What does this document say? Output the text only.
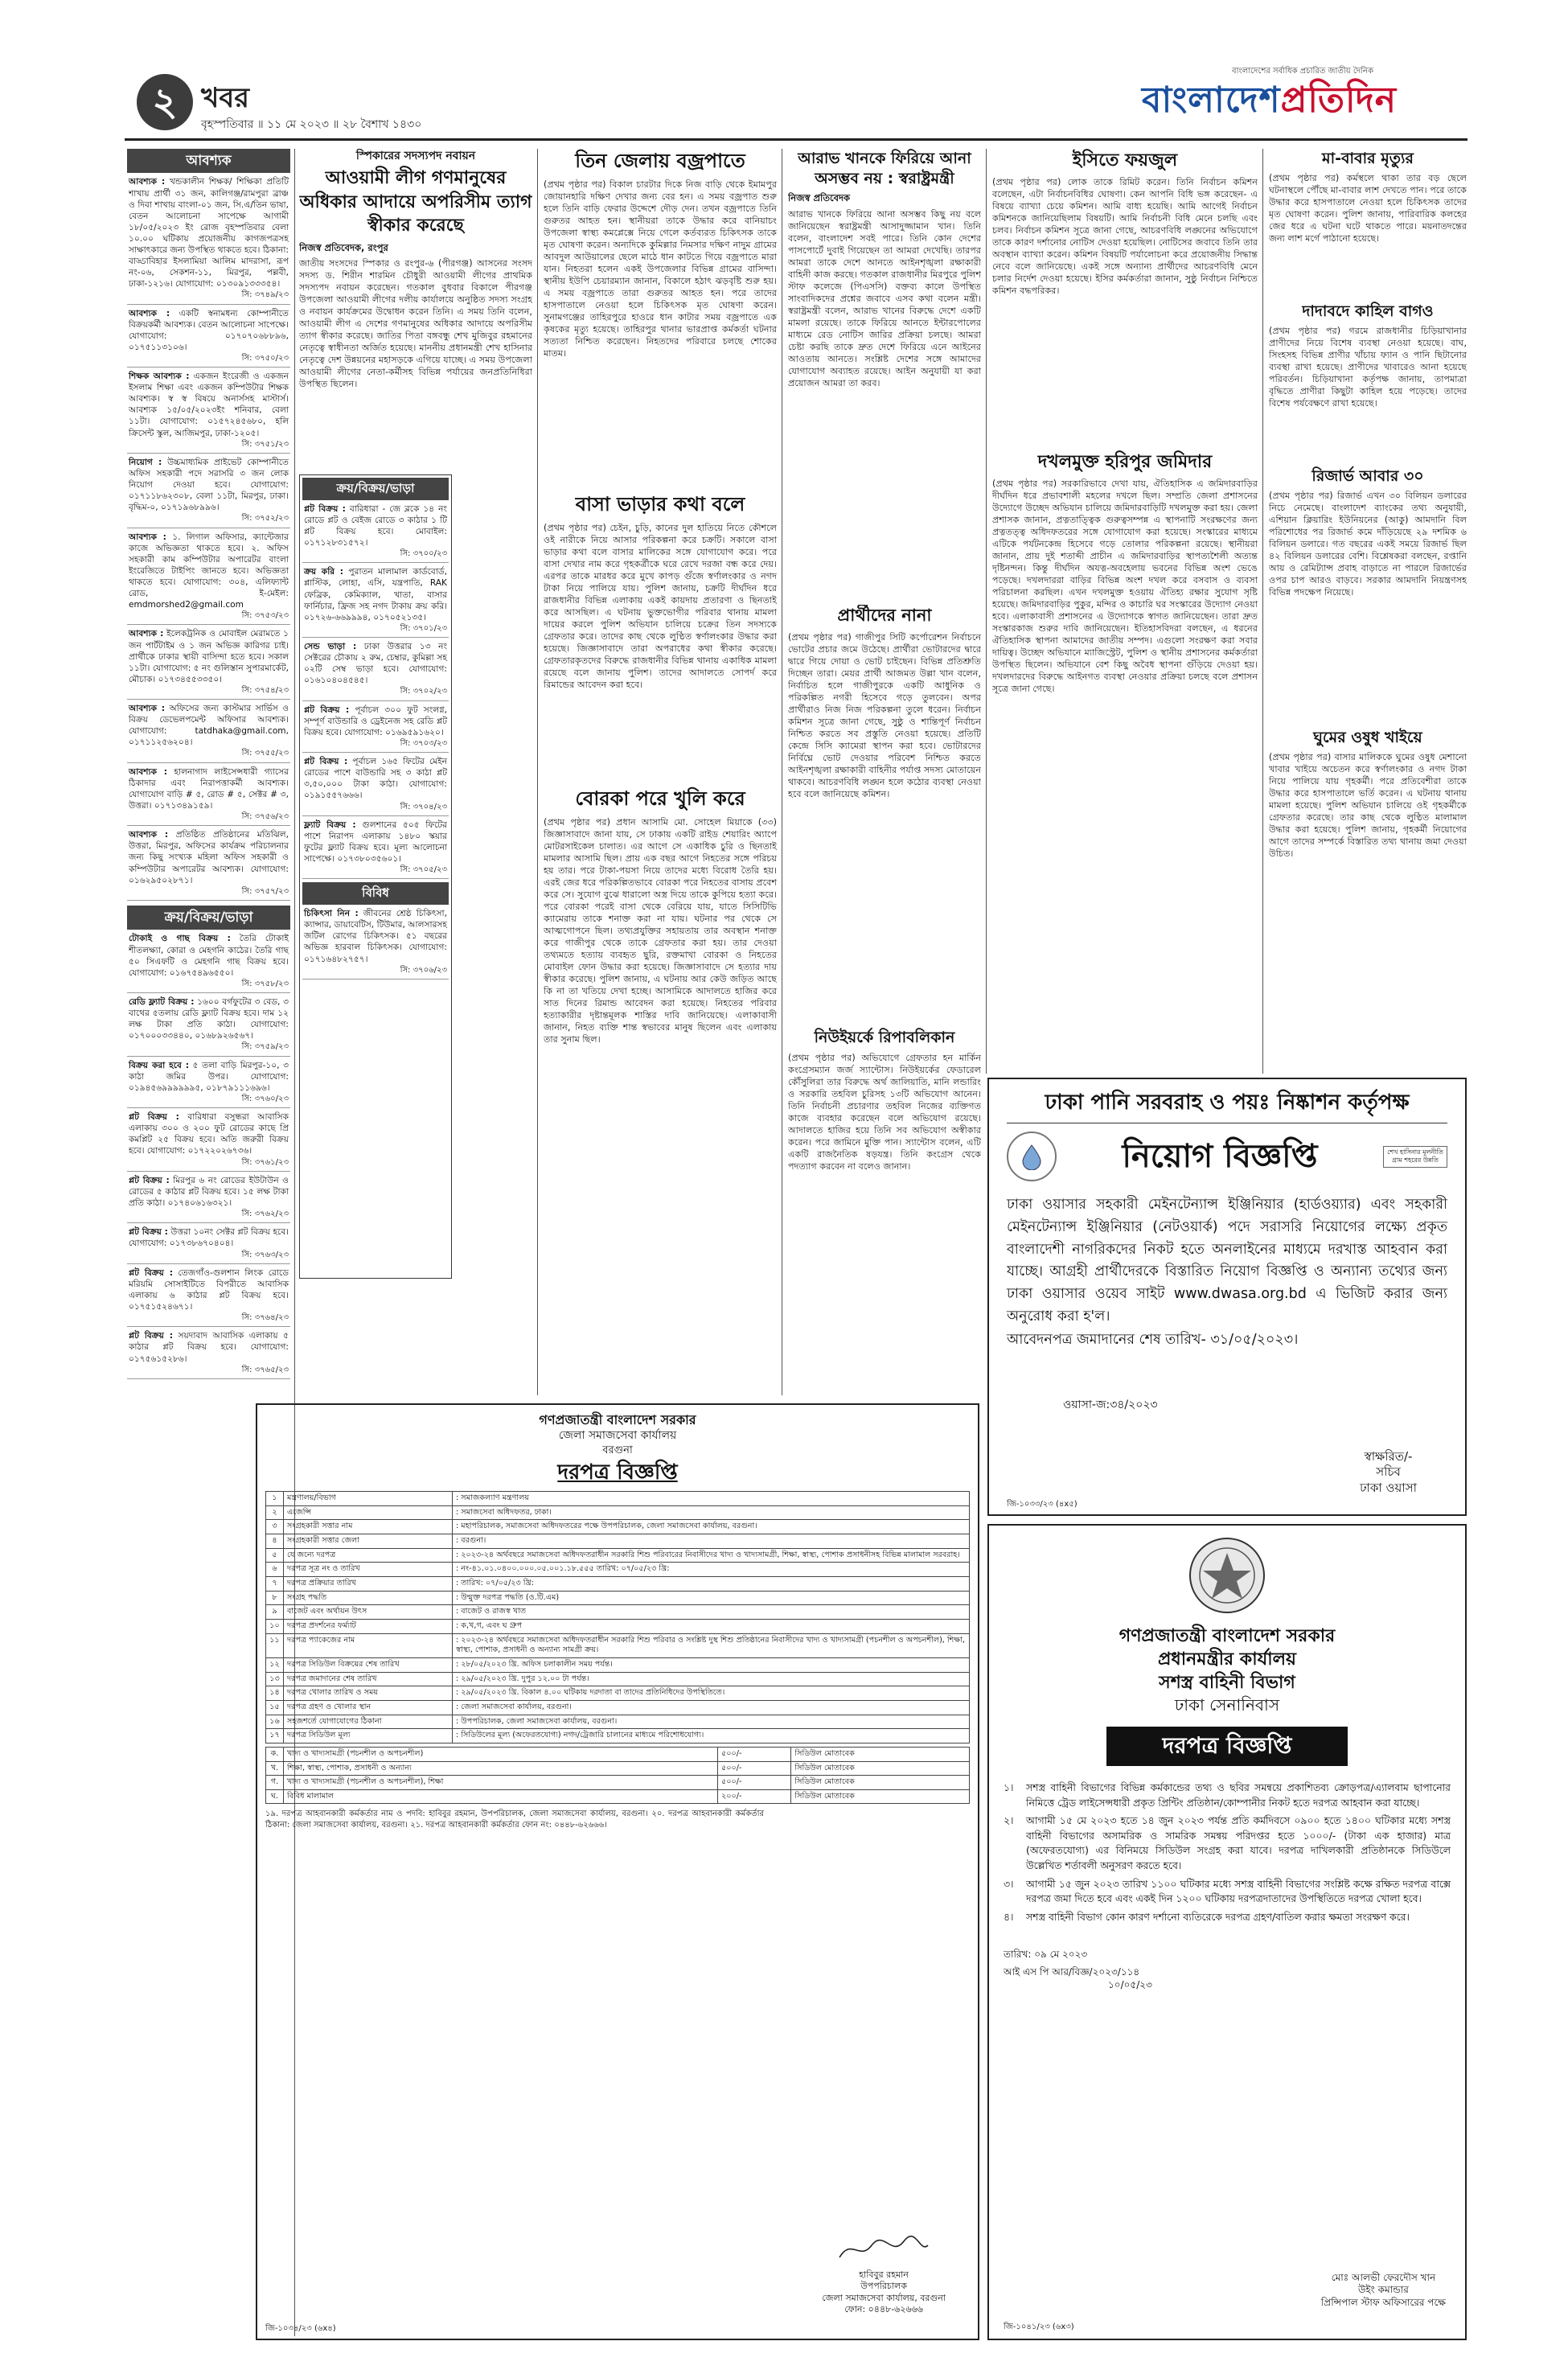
২ খবর
বৃহস্পতিবার ॥ ১১ মে ২০২৩ ॥ ২৮ বৈশাখ ১৪৩০
বাংলাদেশের সর্বাধিক প্রচারিত জাতীয় দৈনিক
বাংলাদেশপ্রতিদিন
আবশ্যক
আবশ্যক : খন্ডকালীন শিক্ষক/ শিক্ষিকা প্রতিটি শাখায় প্রার্থী ৩১ জন, কালিগঞ্জ/রামপুরা ব্রাঞ্চ ও দিবা শাখায় বাংলা-০১ জন, সি.এ/তিন ভাষা, বেতন আলোচনা সাপেক্ষে আগামী ১৮/০৫/২০২৩ ইং রোজ বৃহস্পতিবার বেলা ১০.০০ ঘটিকায় প্রয়োজনীয় কাগজপত্রসহ সাক্ষাৎকারে জন্য উপস্থিত থাকতে হবে। ঠিকানা: বাড্ডাবিহার ইসলামিয়া আলিম মাদরাসা, রূপ নং-০৬, সেকশন-১১, মিরপুর, পল্লবী, ঢাকা-১২১৬। যোগাযোগ: ০১৩০৯১৩৩৩৫৪।
সি: ৩৭৪৯/২৩
আবশ্যক : একটি স্বনামধন্য কোম্পানীতে বিক্রয়কর্মী আবশ্যক। বেতন আলোচনা সাপেক্ষে। যোগাযোগ: ০১৭০৭০৬৮৮৯৬, ০১৭৫১১৩১০৬।
সি: ৩৭৫০/২৩
শিক্ষক আবশ্যক : একজন ইংরেজী ও একজন ইসলাম শিক্ষা এবং একজন কম্পিউটার শিক্ষক আবশ্যক। স্ব স্ব বিষয়ে অনার্সসহ মাস্টার্স। আবশ্যক ১৫/০৫/২০২৩ইং শনিবার, বেলা ১১টা। যোগাযোগ: ০১৫৭২৪৫৬৮০, হলি ক্রিসেন্ট স্কুল, আজিমপুর, ঢাকা-১২০৫।
সি: ৩৭৫১/২৩
নিয়োগ : উচ্চমাধ্যমিক প্রাইভেট কোম্পানীতে অফিস সহকারী পদে সরাসরি ৩ জন লোক নিয়োগ দেওয়া হবে। যোগাযোগ: ০১৭১১৮৬২৩০৮, বেলা ১১টা, মিরপুর, ঢাকা। বৃদ্ধিম-০, ০১৭১৯৬৮৯৯৬।
সি: ৩৭৫২/২৩
আবশ্যক : ১. লিগাল অফিসার, ক্যান্টেজার কাজে অভিজ্ঞতা থাকতে হবে। ২. অফিস সহকারী কাম কম্পিউটার অপারেটর বাংলা ইংরেজিতে টাইপিং জানতে হবে। অভিজ্ঞতা থাকতে হবে। যোগাযোগ: ৩০৪, এলিফ্যান্ট রোড, ই-মেইল: emdmorshed2@gmail.com
সি: ৩৭৫৩/২৩
আবশ্যক : ইলেকট্রনিক ও মোবাইল মেরামতে ১ জন পার্টটাইম ও ১ জন অভিজ্ঞ কারিগর চাই। প্রার্থীকে ঢাকার স্থায়ী বাসিন্দা হতে হবে। সকাল ১১টা। যোগাযোগ: ৫ নং গুলিস্তান সুপারমার্কেট, মৌচাক। ০১৭৩৪৫৫৩৩৫০।
সি: ৩৭৫৪/২৩
আবশ্যক : অফিসের জন্য কাস্টমার সার্ভিস ও বিক্রয় ডেভেলপমেন্ট অফিসার আবশ্যক। যোগাযোগ: tatdhaka@gmail.com, ০১৭১১২৫৬২০৪।
সি: ৩৭৫৫/২৩
আবশ্যক : হালনাগাদ লাইসেন্সধারী গ্যাসের ঠিকাদার এবং নিরাপত্তাকর্মী আবশ্যক। যোগাযোগ বাড়ি # ৫, রোড # ৫, সেক্টর # ৩, উত্তরা। ০১৭১৩৪৯১৫৯।
সি: ৩৭৫৬/২৩
আবশ্যক : প্রতিষ্ঠিত প্রতিষ্ঠানের মতিঝিল, উত্তরা, মিরপুর, অফিসের কার্যক্রম পরিচালনার জন্য কিছু সংখ্যক মহিলা অফিস সহকারী ও কম্পিউটার অপারেটর আবশ্যক। যোগাযোগ: ০১৬২৯৫০২৮৭১।
সি: ৩৭৫৭/২৩
ক্রয়/বিক্রয়/ভাড়া
টোকাই ও গাছ বিক্রয় : তৈরি টোকাই শীতলক্ষ্যা, কোরা ও মেহগনি কাঠের। তৈরি গাছ ৫০ সিএফটি ও মেহগনি গাছ বিক্রয় হবে। যোগাযোগ: ০১৬৭৫৪৯৬৫৫০।
সি: ৩৭৫৮/২৩
রেডি ফ্ল্যাট বিক্রয় : ১৬০০ বর্গফুটের ৩ বেড, ৩ বাথের ৫তলায় রেডি ফ্ল্যাট বিক্রয় হবে। দাম ১২ লক্ষ টাকা প্রতি কাঠা। যোগাযোগ: ০১৭০০০৩৩৪৪০, ০১৬৮৯২৬৫৬৭।
সি: ৩৭৫৯/২৩
বিক্রয় করা হবে : ৫ তলা বাড়ি মিরপুর-১০, ৩ কাঠা জমির উপর। যোগাযোগ: ০১৯৪৫৬৯৯৯৯৯৯৫, ০১৮৭৯১১১৬৯৬।
সি: ৩৭৬০/২৩
প্লট বিক্রয় : বারিধারা বসুন্ধরা আবাসিক এলাকায় ৩০০ ও ২০০ ফুট রোডের কাছে প্রি কমপ্লিট ২৫ বিক্রয় হবে। অতি জরুরী বিক্রয় হবে। যোগাযোগ: ০১৭২২০২৬৭৩৬।
সি: ৩৭৬১/২৩
প্লট বিক্রয় : মিরপুর ৬ নং রোডের ইউটাউন ও রোডের ৫ কাঠার প্লট বিক্রয় হবে। ১৫ লক্ষ টাকা প্রতি কাঠা। ০১৭৪০৬১৬৩২১।
সি: ৩৭৬২/২৩
প্লট বিক্রয় : উত্তরা ১০নং সেক্টর প্লট বিক্রয় হবে। যোগাযোগ: ০১৭৩৮৬৭০৪০৪।
সি: ৩৭৬৩/২৩
প্লট বিক্রয় : তেজগাঁও-গুলশান লিংক রোডে মরিয়মি সোসাইটিতে বিপরীতে আবাসিক এলাকায় ৬ কাঠার প্লট বিক্রয় হবে। ০১৭৫১৫২৪৬৭১।
সি: ৩৭৬৪/২৩
প্লট বিক্রয় : সয়দাবাদ আবাসিক এলাকায় ৫ কাঠার প্লট বিক্রয় হবে। যোগাযোগ: ০১৭৫৬১৫২৮৬।
সি: ৩৭৬৫/২৩
স্পিকারের সদস্যপদ নবায়ন
আওয়ামী লীগ গণমানুষের অধিকার আদায়ে অপরিসীম ত্যাগ স্বীকার করেছে
নিজস্ব প্রতিবেদক, রংপুর
জাতীয় সংসদের স্পিকার ও রংপুর-৬ (পীরগঞ্জ) আসনের সংসদ সদস্য ড. শিরীন শারমিন চৌধুরী আওয়ামী লীগের প্রাথমিক সদস্যপদ নবায়ন করেছেন। গতকাল বুধবার বিকালে পীরগঞ্জ উপজেলা আওয়ামী লীগের দলীয় কার্যালয়ে অনুষ্ঠিত সদস্য সংগ্রহ ও নবায়ন কার্যক্রমের উদ্বোধন করেন তিনি। এ সময় তিনি বলেন, আওয়ামী লীগ এ দেশের গণমানুষের অধিকার আদায়ে অপরিসীম ত্যাগ স্বীকার করেছে। জাতির পিতা বঙ্গবন্ধু শেখ মুজিবুর রহমানের নেতৃত্বে স্বাধীনতা অর্জিত হয়েছে। মাননীয় প্রধানমন্ত্রী শেখ হাসিনার নেতৃত্বে দেশ উন্নয়নের মহাসড়কে এগিয়ে যাচ্ছে। এ সময় উপজেলা আওয়ামী লীগের নেতা-কর্মীসহ বিভিন্ন পর্যায়ের জনপ্রতিনিধিরা উপস্থিত ছিলেন।
ক্রয়/বিক্রয়/ভাড়া
প্লট বিক্রয় : বারিধারা - জে ব্লকে ১৪ নং রোডে প্লট ও বেইজ রোডে ৩ কাঠার ১ টি প্লট বিক্রয় হবে। মোবাইল: ০১৭১২৮৩১৫৭২।
সি: ৩৭০০/২৩
ক্রয় করি : পুরাতন মালামাল কার্ডবোর্ড, প্লাস্টিক, লোহা, এসি, যন্ত্রপাতি, RAK ফেব্রিক, কেমিক্যাল, খাতা, বাসার ফার্নিচার, ফ্রিজ সহ নগদ টাকায় ক্রয় করি। ০১৭২৬-৬৬৯৯৯৪, ০১৭০৫২১৩৫।
সি: ৩৭০১/২৩
সেন্ড ভাড়া : ঢাকা উত্তরার ১৩ নং সেক্টরের চৌকায় ২ রুম, চেম্বার, কুমিল্লা সহ ০২টি সেম্ব ভাড়া হবে। যোগাযোগ: ০১৬১০৪০৪৫৪৫।
সি: ৩৭০২/২৩
প্লট বিক্রয় : পূর্বাচল ৩০০ ফুট সংলগ্ন, সম্পূর্ণ বাউন্ডারি ও ড্রেইনেজ সহ রেডি প্লট বিক্রয় হবে। যোগাযোগ: ০১৬৯৫৯১৬২০।
সি: ৩৭০৩/২৩
প্লট বিক্রয় : পূর্বাচল ১৬৫ ফিটের মেইন রোডের পাশে বাউন্ডারি সহ ৩ কাঠা প্লট ৩,৫০,০০০ টাকা কাঠা। যোগাযোগ: ০১৯১৫৫৭৬৬৬।
সি: ৩৭০৪/২৩
ফ্ল্যাট বিক্রয় : গুলশানের ৫০৫ ফিটের পাশে নিরাপদ এলাকায় ১৪৮০ স্কয়ার ফুটের ফ্ল্যাট বিক্রয় হবে। মূল্য আলোচনা সাপেক্ষে। ০১৭৩৮০৩৫৬০১।
সি: ৩৭০৫/২৩
বিবিধ
চিকিৎসা নিন : জীবনের শ্রেষ্ঠ চিকিৎসা, ক্যান্সার, ডায়াবেটিস, টিউমার, আলসারসহ জটিল রোগের চিকিৎসক। ৫১ বছরের অভিজ্ঞ হারবাল চিকিৎসক। যোগাযোগ: ০১৭১৬৪৮২৭৫৭।
সি: ৩৭০৬/২৩
তিন জেলায় বজ্রপাতে
(প্রথম পৃষ্ঠার পর) বিকাল চারটার দিকে নিজ বাড়ি থেকে ইমামপুর জোয়ানহারি দক্ষিণ দেখার জন্য বের হন। এ সময় বজ্রপাত শুরু হলে তিনি বাড়ি ফেরার উদ্দেশে দৌড় দেন। তখন বজ্রপাতে তিনি গুরুতর আহত হন। স্থানীয়রা তাকে উদ্ধার করে বানিয়াচং উপজেলা স্বাস্থ্য কমপ্লেক্সে নিয়ে গেলে কর্তব্যরত চিকিৎসক তাকে মৃত ঘোষণা করেন। অন্যদিকে কুমিল্লার নিমসার দক্ষিণ নাদুম গ্রামের আবদুল আউয়ালের ছেলে মাঠে ধান কাটতে গিয়ে বজ্রপাতে মারা যান। নিহতরা হলেন একই উপজেলার বিভিন্ন গ্রামের বাসিন্দা। স্থানীয় ইউপি চেয়ারম্যান জানান, বিকালে হঠাৎ ঝড়বৃষ্টি শুরু হয়। এ সময় বজ্রপাতে তারা গুরুতর আহত হন। পরে তাদের হাসপাতালে নেওয়া হলে চিকিৎসক মৃত ঘোষণা করেন। সুনামগঞ্জের তাহিরপুরে হাওরে ধান কাটার সময় বজ্রপাতে এক কৃষকের মৃত্যু হয়েছে। তাহিরপুর থানার ভারপ্রাপ্ত কর্মকর্তা ঘটনার সত্যতা নিশ্চিত করেছেন। নিহতদের পরিবারে চলছে শোকের মাতম।
বাসা ভাড়ার কথা বলে
(প্রথম পৃষ্ঠার পর) চেইন, চুড়ি, কানের দুল হাতিয়ে নিতে কৌশলে ওই নারীকে নিয়ে আসার পরিকল্পনা করে চক্রটি। সকালে বাসা ভাড়ার কথা বলে বাসার মালিকের সঙ্গে যোগাযোগ করে। পরে বাসা দেখার নাম করে গৃহকর্ত্রীকে ঘরে রেখে দরজা বন্ধ করে দেয়। এরপর তাকে মারধর করে মুখে কাপড় গুঁজে স্বর্ণালংকার ও নগদ টাকা নিয়ে পালিয়ে যায়। পুলিশ জানায়, চক্রটি দীর্ঘদিন ধরে রাজধানীর বিভিন্ন এলাকায় একই কায়দায় প্রতারণা ও ছিনতাই করে আসছিল। এ ঘটনায় ভুক্তভোগীর পরিবার থানায় মামলা দায়ের করলে পুলিশ অভিযান চালিয়ে চক্রের তিন সদস্যকে গ্রেফতার করে। তাদের কাছ থেকে লুণ্ঠিত স্বর্ণালংকার উদ্ধার করা হয়েছে। জিজ্ঞাসাবাদে তারা অপরাধের কথা স্বীকার করেছে। গ্রেফতারকৃতদের বিরুদ্ধে রাজধানীর বিভিন্ন থানায় একাধিক মামলা রয়েছে বলে জানায় পুলিশ। তাদের আদালতে সোপর্দ করে রিমান্ডের আবেদন করা হবে।
বোরকা পরে খুলি করে
(প্রথম পৃষ্ঠার পর) প্রধান আসামি মো. সোহেল মিয়াকে (৩৩) জিজ্ঞাসাবাদে জানা যায়, সে ঢাকায় একটি রাইড শেয়ারিং অ্যাপে মোটরসাইকেল চালাত। এর আগে সে একাধিক চুরি ও ছিনতাই মামলার আসামি ছিল। প্রায় এক বছর আগে নিহতের সঙ্গে পরিচয় হয় তার। পরে টাকা-পয়সা নিয়ে তাদের মধ্যে বিরোধ তৈরি হয়। এরই জের ধরে পরিকল্পিতভাবে বোরকা পরে নিহতের বাসায় প্রবেশ করে সে। সুযোগ বুঝে ধারালো অস্ত্র দিয়ে তাকে কুপিয়ে হত্যা করে। পরে বোরকা পরেই বাসা থেকে বেরিয়ে যায়, যাতে সিসিটিভি ক্যামেরায় তাকে শনাক্ত করা না যায়। ঘটনার পর থেকে সে আত্মগোপনে ছিল। তথ্যপ্রযুক্তির সহায়তায় তার অবস্থান শনাক্ত করে গাজীপুর থেকে তাকে গ্রেফতার করা হয়। তার দেওয়া তথ্যমতে হত্যায় ব্যবহৃত ছুরি, রক্তমাখা বোরকা ও নিহতের মোবাইল ফোন উদ্ধার করা হয়েছে। জিজ্ঞাসাবাদে সে হত্যার দায় স্বীকার করেছে। পুলিশ জানায়, এ ঘটনায় আর কেউ জড়িত আছে কি না তা খতিয়ে দেখা হচ্ছে। আসামিকে আদালতে হাজির করে সাত দিনের রিমান্ড আবেদন করা হয়েছে। নিহতের পরিবার হত্যাকারীর দৃষ্টান্তমূলক শাস্তির দাবি জানিয়েছে। এলাকাবাসী জানান, নিহত ব্যক্তি শান্ত স্বভাবের মানুষ ছিলেন এবং এলাকায় তার সুনাম ছিল।
আরাভ খানকে ফিরিয়ে আনা অসম্ভব নয় : স্বরাষ্ট্রমন্ত্রী
নিজস্ব প্রতিবেদক
আরাভ খানকে ফিরিয়ে আনা অসম্ভব কিছু নয় বলে জানিয়েছেন স্বরাষ্ট্রমন্ত্রী আসাদুজ্জামান খান। তিনি বলেন, বাংলাদেশ সবই পারে। তিনি কোন দেশের পাসপোর্টে দুবাই গিয়েছেন তা আমরা দেখেছি। তারপর আমরা তাকে দেশে আনতে আইনশৃঙ্খলা রক্ষাকারী বাহিনী কাজ করছে। গতকাল রাজধানীর মিরপুরে পুলিশ স্টাফ কলেজে (পিএসসি) বক্তব্য কালে উপস্থিত সাংবাদিকদের প্রশ্নের জবাবে এসব কথা বলেন মন্ত্রী। স্বরাষ্ট্রমন্ত্রী বলেন, আরাভ খানের বিরুদ্ধে দেশে একটি মামলা রয়েছে। তাকে ফিরিয়ে আনতে ইন্টারপোলের মাধ্যমে রেড নোটিস জারির প্রক্রিয়া চলছে। আমরা চেষ্টা করছি তাকে দ্রুত দেশে ফিরিয়ে এনে আইনের আওতায় আনতে। সংশ্লিষ্ট দেশের সঙ্গে আমাদের যোগাযোগ অব্যাহত রয়েছে। আইন অনুযায়ী যা করা প্রয়োজন আমরা তা করব।
প্রার্থীদের নানা
(প্রথম পৃষ্ঠার পর) গাজীপুর সিটি কর্পোরেশন নির্বাচনে ভোটের প্রচার জমে উঠেছে। প্রার্থীরা ভোটারদের দ্বারে দ্বারে গিয়ে দোয়া ও ভোট চাইছেন। বিভিন্ন প্রতিশ্রুতি দিচ্ছেন তারা। মেয়র প্রার্থী আজমত উল্লা খান বলেন, নির্বাচিত হলে গাজীপুরকে একটি আধুনিক ও পরিকল্পিত নগরী হিসেবে গড়ে তুলবেন। অপর প্রার্থীরাও নিজ নিজ পরিকল্পনা তুলে ধরেন। নির্বাচন কমিশন সূত্রে জানা গেছে, সুষ্ঠু ও শান্তিপূর্ণ নির্বাচন নিশ্চিত করতে সব প্রস্তুতি নেওয়া হয়েছে। প্রতিটি কেন্দ্রে সিসি ক্যামেরা স্থাপন করা হবে। ভোটারদের নির্বিঘ্নে ভোট দেওয়ার পরিবেশ নিশ্চিত করতে আইনশৃঙ্খলা রক্ষাকারী বাহিনীর পর্যাপ্ত সদস্য মোতায়েন থাকবে। আচরণবিধি লঙ্ঘন হলে কঠোর ব্যবস্থা নেওয়া হবে বলে জানিয়েছে কমিশন।
নিউইয়র্কে রিপাবলিকান
(প্রথম পৃষ্ঠার পর) অভিযোগে গ্রেফতার হন মার্কিন কংগ্রেসম্যান জর্জ স্যান্টোস। নিউইয়র্কের ফেডারেল কৌঁসুলিরা তার বিরুদ্ধে অর্থ জালিয়াতি, মানি লন্ডারিং ও সরকারি তহবিল চুরিসহ ১৩টি অভিযোগ আনেন। তিনি নির্বাচনী প্রচারণার তহবিল নিজের ব্যক্তিগত কাজে ব্যবহার করেছেন বলে অভিযোগ রয়েছে। আদালতে হাজির হয়ে তিনি সব অভিযোগ অস্বীকার করেন। পরে জামিনে মুক্তি পান। স্যান্টোস বলেন, এটি একটি রাজনৈতিক ষড়যন্ত্র। তিনি কংগ্রেস থেকে পদত্যাগ করবেন না বলেও জানান।
ইসিতে ফয়জুল
(প্রথম পৃষ্ঠার পর) লোক তাকে রিমিট করেন। তিনি নির্বাচন কমিশন বলেছেন, এটা নির্বাচনবিধির ঘোষণা। কেন আপনি বিধি ভঙ্গ করেছেন- এ বিষয়ে ব্যাখ্যা চেয়ে কমিশন। আমি বাধ্য হয়েছি। আমি আগেই নির্বাচন কমিশনকে জানিয়েছিলাম বিষয়টি। আমি নির্বাচনী বিধি মেনে চলছি এবং চলব। নির্বাচন কমিশন সূত্রে জানা গেছে, আচরণবিধি লঙ্ঘনের অভিযোগে তাকে কারণ দর্শানোর নোটিস দেওয়া হয়েছিল। নোটিসের জবাবে তিনি তার অবস্থান ব্যাখ্যা করেন। কমিশন বিষয়টি পর্যালোচনা করে প্রয়োজনীয় সিদ্ধান্ত নেবে বলে জানিয়েছে। একই সঙ্গে অন্যান্য প্রার্থীদের আচরণবিধি মেনে চলার নির্দেশ দেওয়া হয়েছে। ইসির কর্মকর্তারা জানান, সুষ্ঠু নির্বাচন নিশ্চিতে কমিশন বদ্ধপরিকর।
দখলমুক্ত হরিপুর জমিদার
(প্রথম পৃষ্ঠার পর) সরকারিভাবে দেখা যায়, ঐতিহাসিক এ জমিদারবাড়ির দীর্ঘদিন ধরে প্রভাবশালী মহলের দখলে ছিল। সম্প্রতি জেলা প্রশাসনের উদ্যোগে উচ্ছেদ অভিযান চালিয়ে জমিদারবাড়িটি দখলমুক্ত করা হয়। জেলা প্রশাসক জানান, প্রত্নতাত্ত্বিক গুরুত্বসম্পন্ন এ স্থাপনাটি সংরক্ষণের জন্য প্রত্নতত্ত্ব অধিদফতরের সঙ্গে যোগাযোগ করা হয়েছে। সংস্কারের মাধ্যমে এটিকে পর্যটনকেন্দ্র হিসেবে গড়ে তোলার পরিকল্পনা রয়েছে। স্থানীয়রা জানান, প্রায় দুই শতাব্দী প্রাচীন এ জমিদারবাড়ির স্থাপত্যশৈলী অত্যন্ত দৃষ্টিনন্দন। কিন্তু দীর্ঘদিন অযত্ন-অবহেলায় ভবনের বিভিন্ন অংশ ভেঙে পড়েছে। দখলদাররা বাড়ির বিভিন্ন অংশ দখল করে বসবাস ও ব্যবসা পরিচালনা করছিল। এখন দখলমুক্ত হওয়ায় ঐতিহ্য রক্ষার সুযোগ সৃষ্টি হয়েছে। জমিদারবাড়ির পুকুর, মন্দির ও কাচারি ঘর সংস্কারের উদ্যোগ নেওয়া হবে। এলাকাবাসী প্রশাসনের এ উদ্যোগকে স্বাগত জানিয়েছেন। তারা দ্রুত সংস্কারকাজ শুরুর দাবি জানিয়েছেন। ইতিহাসবিদরা বলছেন, এ ধরনের ঐতিহাসিক স্থাপনা আমাদের জাতীয় সম্পদ। এগুলো সংরক্ষণ করা সবার দায়িত্ব। উচ্ছেদ অভিযানে ম্যাজিস্ট্রেট, পুলিশ ও স্থানীয় প্রশাসনের কর্মকর্তারা উপস্থিত ছিলেন। অভিযানে বেশ কিছু অবৈধ স্থাপনা গুঁড়িয়ে দেওয়া হয়। দখলদারদের বিরুদ্ধে আইনগত ব্যবস্থা নেওয়ার প্রক্রিয়া চলছে বলে প্রশাসন সূত্রে জানা গেছে।
মা-বাবার মৃত্যুর
(প্রথম পৃষ্ঠার পর) কর্মস্থলে থাকা তার বড় ছেলে ঘটনাস্থলে পৌঁছে মা-বাবার লাশ দেখতে পান। পরে তাকে উদ্ধার করে হাসপাতালে নেওয়া হলে চিকিৎসক তাদের মৃত ঘোষণা করেন। পুলিশ জানায়, পারিবারিক কলহের জের ধরে এ ঘটনা ঘটে থাকতে পারে। ময়নাতদন্তের জন্য লাশ মর্গে পাঠানো হয়েছে।
দাদাবদে কাহিল বাগও
(প্রথম পৃষ্ঠার পর) গরমে রাজধানীর চিড়িয়াখানার প্রাণীদের নিয়ে বিশেষ ব্যবস্থা নেওয়া হয়েছে। বাঘ, সিংহসহ বিভিন্ন প্রাণীর খাঁচায় ফ্যান ও পানি ছিটানোর ব্যবস্থা রাখা হয়েছে। প্রাণীদের খাবারেও আনা হয়েছে পরিবর্তন। চিড়িয়াখানা কর্তৃপক্ষ জানায়, তাপমাত্রা বৃদ্ধিতে প্রাণীরা কিছুটা কাহিল হয়ে পড়েছে। তাদের বিশেষ পর্যবেক্ষণে রাখা হয়েছে।
রিজার্ভ আবার ৩০
(প্রথম পৃষ্ঠার পর) রিজার্ভ এখন ৩০ বিলিয়ন ডলারের নিচে নেমেছে। বাংলাদেশ ব্যাংকের তথ্য অনুযায়ী, এশিয়ান ক্লিয়ারিং ইউনিয়নের (আকু) আমদানি বিল পরিশোধের পর রিজার্ভ কমে দাঁড়িয়েছে ২৯ দশমিক ৬ বিলিয়ন ডলারে। গত বছরের একই সময়ে রিজার্ভ ছিল ৪২ বিলিয়ন ডলারের বেশি। বিশ্লেষকরা বলছেন, রপ্তানি আয় ও রেমিট্যান্স প্রবাহ বাড়াতে না পারলে রিজার্ভের ওপর চাপ আরও বাড়বে। সরকার আমদানি নিয়ন্ত্রণসহ বিভিন্ন পদক্ষেপ নিয়েছে।
ঘুমের ওষুধ খাইয়ে
(প্রথম পৃষ্ঠার পর) বাসার মালিককে ঘুমের ওষুধ মেশানো খাবার খাইয়ে অচেতন করে স্বর্ণালংকার ও নগদ টাকা নিয়ে পালিয়ে যায় গৃহকর্মী। পরে প্রতিবেশীরা তাকে উদ্ধার করে হাসপাতালে ভর্তি করেন। এ ঘটনায় থানায় মামলা হয়েছে। পুলিশ অভিযান চালিয়ে ওই গৃহকর্মীকে গ্রেফতার করেছে। তার কাছ থেকে লুণ্ঠিত মালামাল উদ্ধার করা হয়েছে। পুলিশ জানায়, গৃহকর্মী নিয়োগের আগে তাদের সম্পর্কে বিস্তারিত তথ্য থানায় জমা দেওয়া উচিত।
ঢাকা পানি সরবরাহ ও পয়ঃ নিষ্কাশন কর্তৃপক্ষ
নিয়োগ বিজ্ঞপ্তি	শেখ হাসিনার মূলনীতি গ্রাম শহরের উন্নতি
ঢাকা ওয়াসার সহকারী মেইনটেন্যান্স ইঞ্জিনিয়ার (হার্ডওয়্যার) এবং সহকারী মেইনটেন্যান্স ইঞ্জিনিয়ার (নেটওয়ার্ক) পদে সরাসরি নিয়োগের লক্ষ্যে প্রকৃত বাংলাদেশী নাগরিকদের নিকট হতে অনলাইনের মাধ্যমে দরখাস্ত আহবান করা যাচ্ছে। আগ্রহী প্রার্থীদেরকে বিস্তারিত নিয়োগ বিজ্ঞপ্তি ও অন্যান্য তথ্যের জন্য ঢাকা ওয়াসার ওয়েব সাইট www.dwasa.org.bd এ ভিজিট করার জন্য অনুরোধ করা হ'ল।
আবেদনপত্র জমাদানের শেষ তারিখ- ৩১/০৫/২০২৩।
ওয়াসা-জ:৩৪/২০২৩
স্বাক্ষরিত/-
সচিব
ঢাকা ওয়াসা
জি-১০৩৩/২৩ (৪x৫)
গণপ্রজাতন্ত্রী বাংলাদেশ সরকার
জেলা সমাজসেবা কার্যালয়
বরগুনা
দরপত্র বিজ্ঞপ্তি
১	মন্ত্রণালয়/বিভাগ	: সমাজকল্যাণ মন্ত্রণালয়
২	এজেন্সি	: সমাজসেবা অধিদফতর, ঢাকা।
৩	সংগ্রহকারী সত্তার নাম	: মহাপরিচালক, সমাজসেবা অধিদফতরের পক্ষে উপপরিচালক, জেলা সমাজসেবা কার্যালয়, বরগুনা।
৪	সংগ্রহকারী সত্তার জেলা	: বরগুনা।
৫	যে জন্যে দরপত্র	: ২০২৩-২৪ অর্থবছরে সমাজসেবা অধিদফতরাধীন সরকারি শিশু পরিবারের নিবাসীদের খাদ্য ও খাদ্যসামগ্রী, শিক্ষা, স্বাস্থ্য, পোশাক প্রসাধনীসহ বিভিন্ন মালামাল সরবরাহ।
৬	দরপত্র সূত্র নং ও তারিখ	: নং-৪১.০১.০৪০০.০০০.০৫.০০১.১৮.৫৫৫ তারিখ: ০৭/০৫/২৩ খ্রি:
৭	দরপত্র প্রক্রিয়ার তারিখ	: তারিখ: ০৭/০৫/২৩ খ্রি:
৮	সংগ্রহ পদ্ধতি	: উন্মুক্ত দরপত্র পদ্ধতি (ও.টি.এম)
৯	বাজেট এবং অর্থায়ন উৎস	: বাজেট ও রাজস্ব খাত
১০	দরপত্র প্রদর্শনের ফর্ম্যাট	: ক,খ,গ, এবং ঘ গ্রুপ
১১	দরপত্র প্যাকেজের নাম	: ২০২৩-২৪ অর্থবছরে সমাজসেবা অধিদফতরাধীন সরকারি শিশু পরিবার ও সংশ্লিষ্ট দুস্থ শিশু প্রতিষ্ঠানের নিবাসীদের খাদ্য ও খাদ্যসামগ্রী (পচনশীল ও অপচনশীল), শিক্ষা, স্বাস্থ্য, পোশাক, প্রসাধনী ও অন্যান্য সামগ্রী ক্রয়।
১২	দরপত্র সিডিউল বিক্রয়ের শেষ তারিখ	: ২৮/০৫/২০২৩ খ্রি. অফিস চলাকালীন সময় পর্যন্ত।
১৩	দরপত্র জমাদানের শেষ তারিখ	: ২৯/০৫/২০২৩ খ্রি. দুপুর ১২.০০ টা পর্যন্ত।
১৪	দরপত্র খোলার তারিখ ও সময়	: ২৯/০৫/২০২৩ খ্রি. বিকাল ৪.০০ ঘটিকায় দরদাতা বা তাদের প্রতিনিধিদের উপস্থিতিতে।
১৫	দরপত্র গ্রহণ ও খোলার স্থান	: জেলা সমাজসেবা কার্যালয়, বরগুনা।
১৬	সহজশর্তে যোগাযোগের ঠিকানা	: উপপরিচালক, জেলা সমাজসেবা কার্যালয়, বরগুনা।
১৭	দরপত্র সিডিউল মূল্য	: সিডিউলের মূল্য (অফেরতযোগ্য) নগদ/ট্রেজারি চালানের মাধ্যমে পরিশোধযোগ্য।
ক.	খাদ্য ও খাদ্যসামগ্রী (পচনশীল ও অপচনশীল)	৫০০/-	সিডিউল মোতাবেক
খ.	শিক্ষা, স্বাস্থ্য, পোশাক, প্রসাধনী ও অন্যান্য	৫০০/-	সিডিউল মোতাবেক
গ.	খাদ্য ও খাদ্যসামগ্রী (পচনশীল ও অপচনশীল), শিক্ষা	৫০০/-	সিডিউল মোতাবেক
ঘ.	বিবিধ মালামাল	২০০/-	সিডিউল মোতাবেক
১৯. দরপত্র আহবানকারী কর্মকর্তার নাম ও পদবি: হাবিবুর রহমান, উপপরিচালক, জেলা সমাজসেবা কার্যালয়, বরগুনা। ২০. দরপত্র আহবানকারী কর্মকর্তার ঠিকানা: জেলা সমাজসেবা কার্যালয়, বরগুনা। ২১. দরপত্র আহবানকারী কর্মকর্তার ফোন নং: ০৪৪৮-৬২৬৬৬।
হাবিবুর রহমান
উপপরিচালক
জেলা সমাজসেবা কার্যালয়, বরগুনা
ফোন: ০৪৪৮-৬২৬৬৬
জি-১০৩৪/২৩ (৬x৪)
গণপ্রজাতন্ত্রী বাংলাদেশ সরকার
প্রধানমন্ত্রীর কার্যালয়
সশস্ত্র বাহিনী বিভাগ
ঢাকা সেনানিবাস
দরপত্র বিজ্ঞপ্তি
১।	সশস্ত্র বাহিনী বিভাগের বিভিন্ন কর্মকান্ডের তথ্য ও ছবির সমন্বয়ে প্রকাশিতব্য ক্রোড়পত্র/এ্যালবাম ছাপানোর নিমিত্তে ট্রেড লাইসেন্সধারী প্রকৃত প্রিন্টিং প্রতিষ্ঠান/কোম্পানীর নিকট হতে দরপত্র আহবান করা যাচ্ছে।
২।	আগামী ১৫ মে ২০২৩ হতে ১৪ জুন ২০২৩ পর্যন্ত প্রতি কর্মদিবসে ০৯০০ হতে ১৪০০ ঘটিকার মধ্যে সশস্ত্র বাহিনী বিভাগের অসামরিক ও সামরিক সমন্বয় পরিদপ্তর হতে ১০০০/- (টাকা এক হাজার) মাত্র (অফেরতযোগ্য) এর বিনিময়ে সিডিউল সংগ্রহ করা যাবে। দরপত্র দাখিলকারী প্রতিষ্ঠানকে সিডিউলে উল্লেখিত শর্তাবলী অনুসরণ করতে হবে।
৩।	আগামী ১৫ জুন ২০২৩ তারিখ ১১০০ ঘটিকার মধ্যে সশস্ত্র বাহিনী বিভাগের সংশ্লিষ্ট কক্ষে রক্ষিত দরপত্র বাক্সে দরপত্র জমা দিতে হবে এবং একই দিন ১২০০ ঘটিকায় দরপত্রদাতাদের উপস্থিতিতে দরপত্র খোলা হবে।
৪।	সশস্ত্র বাহিনী বিভাগ কোন কারণ দর্শানো ব্যতিরেকে দরপত্র গ্রহণ/বাতিল করার ক্ষমতা সংরক্ষণ করে।
তারিখ: ০৯ মে ২০২৩
আই এস পি আর/বিজ্ঞ/২০২৩/১১৪
১০/০৫/২৩
মোঃ আলভী ফেরদৌস খান
উইং কমান্ডার
প্রিন্সিপাল স্টাফ অফিসারের পক্ষে
জি-১০৪১/২৩ (৬x৩)
